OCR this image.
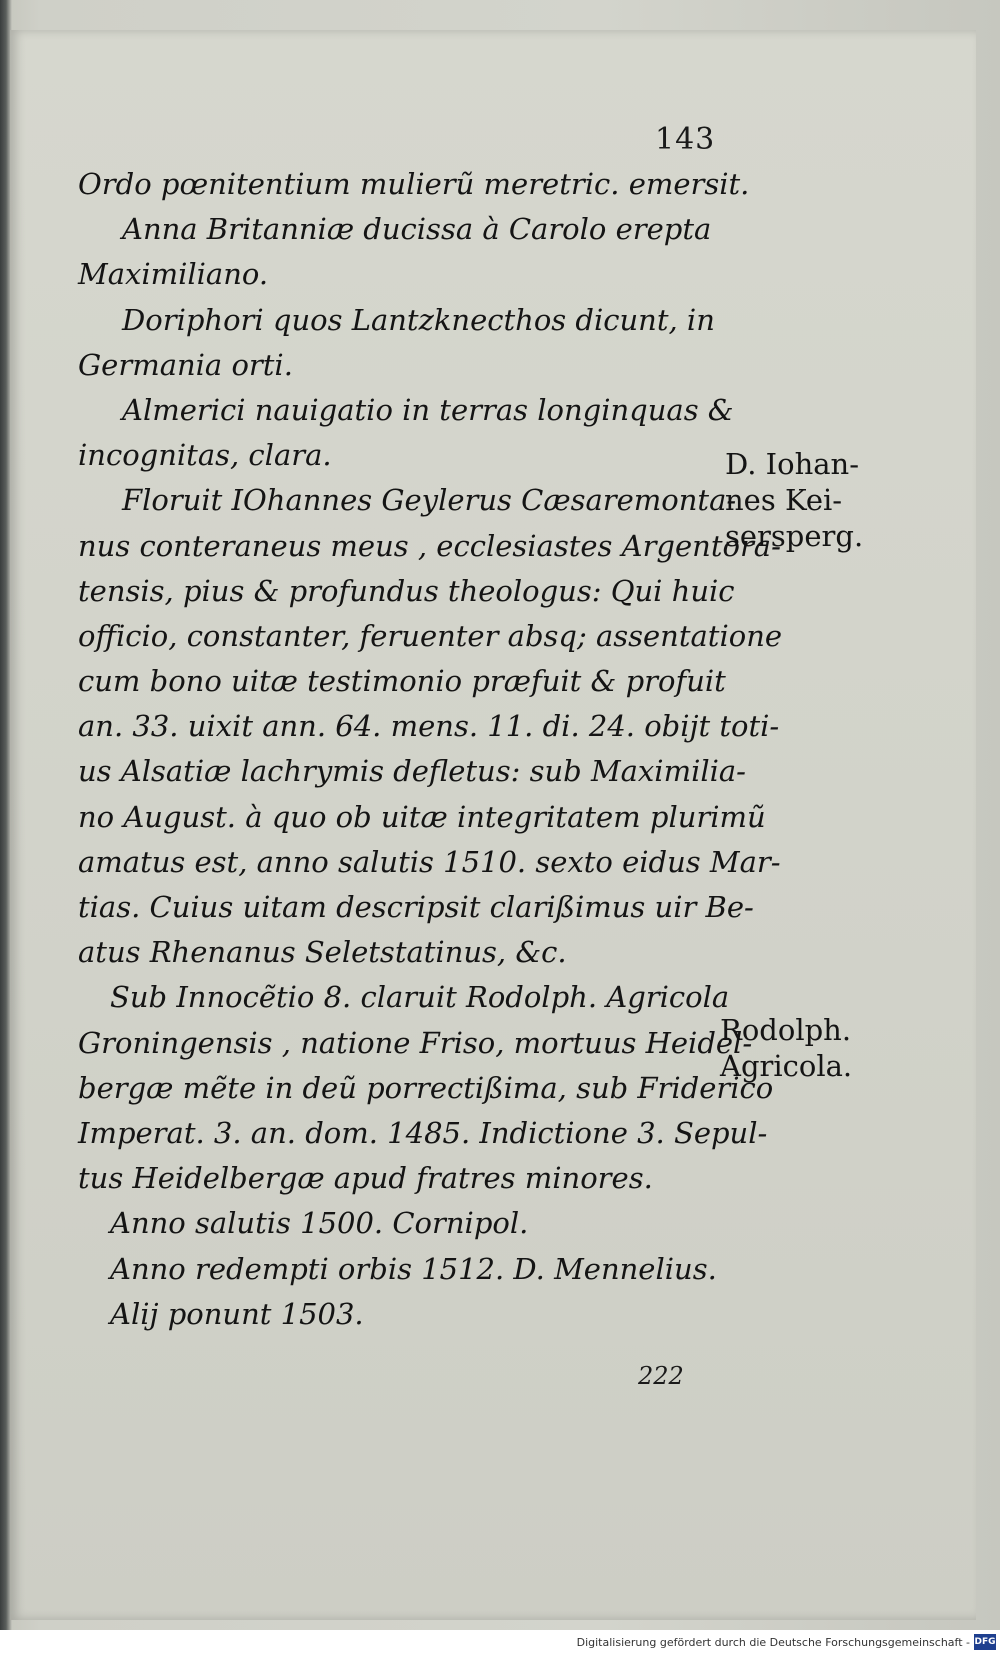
143
Ordo pœnitentium mulierũ meretric. emersit.
Anna Britanniæ ducissa à Carolo erepta
Maximiliano.
Doriphori quos Lantzknecthos dicunt, in
Germania orti.
Almerici nauigatio in terras longinquas &
incognitas, clara.
Floruit IOhannes Geylerus Cæsaremonta-
nus conteraneus meus , ecclesiastes Argentora-
tensis, pius & profundus theologus: Qui huic
officio, constanter, feruenter absq; assentatione
cum bono uitæ testimonio præfuit & profuit
an. 33. uixit ann. 64. mens. 11. di. 24. obijt toti-
us Alsatiæ lachrymis defletus: sub Maximilia-
no August. à quo ob uitæ integritatem plurimũ
amatus est, anno salutis 1510. sexto eidus Mar-
tias. Cuius uitam descripsit clarißimus uir Be-
atus Rhenanus Seletstatinus, &c.
Sub Innocẽtio 8. claruit Rodolph. Agricola
Groningensis , natione Friso, mortuus Heidel-
bergæ mẽte in deũ porrectißima, sub Friderico
Imperat. 3. an. dom. 1485. Indictione 3. Sepul-
tus Heidelbergæ apud fratres minores.
Anno salutis 1500. Cornipol.
Anno redempti orbis 1512. D. Mennelius.
Alij ponunt 1503.
D. Iohan-
nes Kei-
sersperg.
Rodolph.
Agricola.
222
Digitalisierung gefördert durch die Deutsche Forschungsgemeinschaft - DFG
